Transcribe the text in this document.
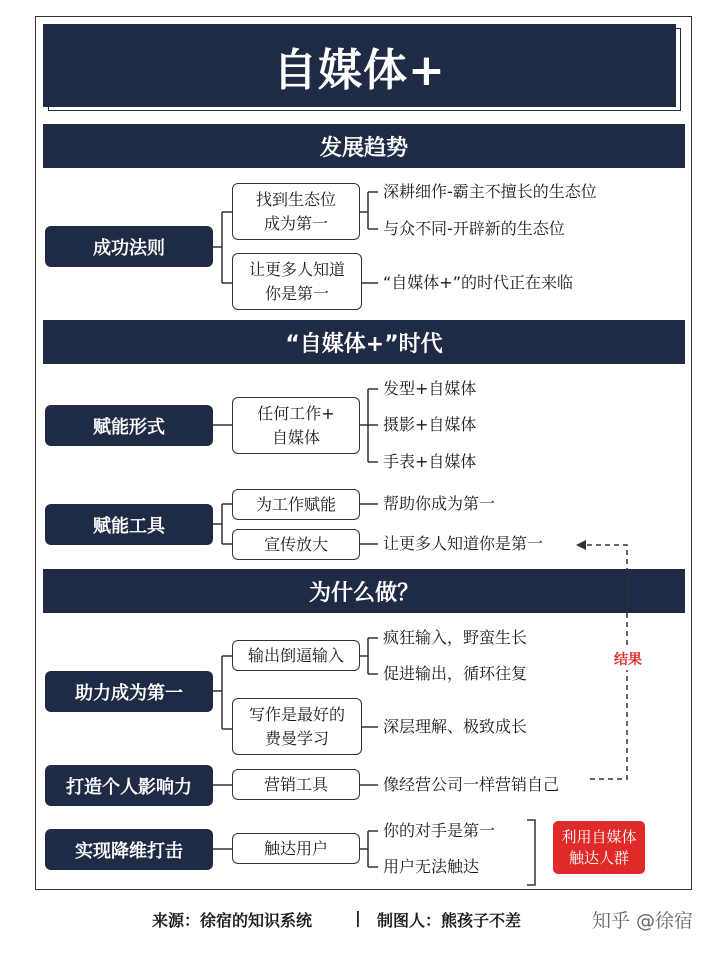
自媒体+
发展趋势
“自媒体+”时代
为什么做？
结果
成功法则
赋能形式
赋能工具
助力成为第一
打造个人影响力
实现降维打击
找到生态位
成为第一
让更多人知道
你是第一
任何工作+
自媒体
为工作赋能
宣传放大
输出倒逼输入
写作是最好的
费曼学习
营销工具
触达用户
深耕细作-霸主不擅长的生态位
与众不同-开辟新的生态位
“自媒体+”的时代正在来临
发型+自媒体
摄影+自媒体
手表+自媒体
帮助你成为第一
让更多人知道你是第一
疯狂输入，野蛮生长
促进输出，循环往复
深层理解、极致成长
像经营公司一样营销自己
你的对手是第一
用户无法触达
利用自媒体
触达人群
来源：徐宿的知识系统	| 制图人：熊孩子不差	知乎 @徐宿
